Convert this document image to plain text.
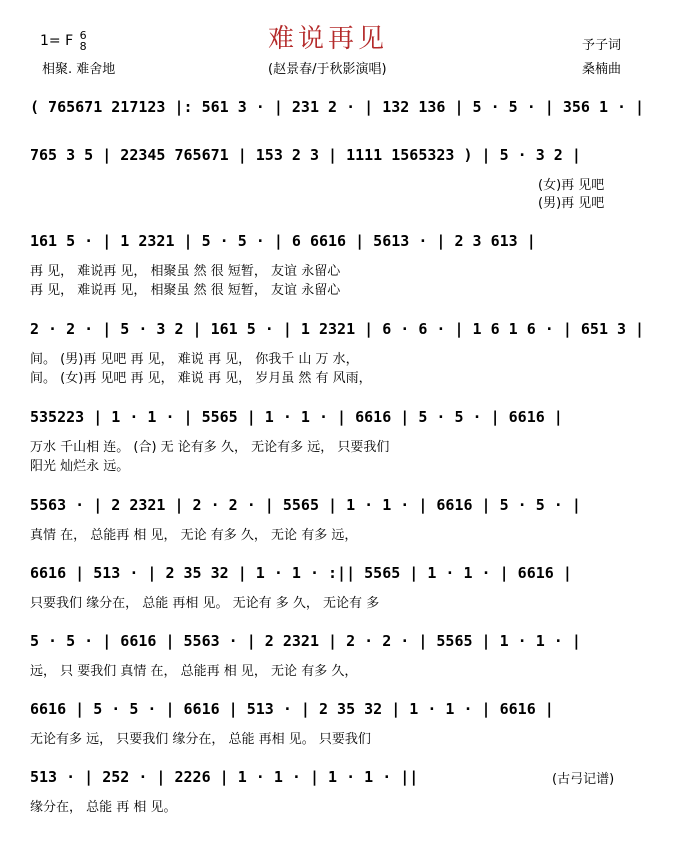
1= F 6
8	难说再见	予子词
相聚. 难舍地	(赵景春/于秋影演唱)	桑楠曲
( 765671 217123 |: 561 3 · | 231 2 · | 132 136 | 5 · 5 · | 356 1 · |
765 3 5 | 22345 765671 | 153 2 3 | 1111 1565323 ) | 5 · 3 2 |
(女)再 见吧
(男)再 见吧
161 5 · | 1 2321 | 5 · 5 · | 6 6616 | 5613 · | 2 3 613 |
再 见， 难说再 见， 相聚虽 然 很 短暂， 友谊 永留心
再 见， 难说再 见， 相聚虽 然 很 短暂， 友谊 永留心
2 · 2 · | 5 · 3 2 | 161 5 · | 1 2321 | 6 · 6 · | 1 6 1 6 · | 651 3 |
间。 (男)再 见吧 再 见， 难说 再 见， 你我千 山 万 水，
间。 (女)再 见吧 再 见， 难说 再 见， 岁月虽 然 有 风雨，
535223 | 1 · 1 · | 5565 | 1 · 1 · | 6616 | 5 · 5 · | 6616 |
万水 千山相 连。 (合) 无 论有多 久， 无论有多 远， 只要我们
阳光 灿烂永 远。
5563 · | 2 2321 | 2 · 2 · | 5565 | 1 · 1 · | 6616 | 5 · 5 · |
真情 在， 总能再 相 见， 无论 有多 久， 无论 有多 远，
6616 | 513 · | 2 35 32 | 1 · 1 · :|| 5565 | 1 · 1 · | 6616 |
只要我们 缘分在， 总能 再相 见。 无论有 多 久， 无论有 多
5 · 5 · | 6616 | 5563 · | 2 2321 | 2 · 2 · | 5565 | 1 · 1 · |
远， 只 要我们 真情 在， 总能再 相 见， 无论 有多 久，
6616 | 5 · 5 · | 6616 | 513 · | 2 35 32 | 1 · 1 · | 6616 |
无论有多 远， 只要我们 缘分在， 总能 再相 见。 只要我们
513 · | 252 · | 2226 | 1 · 1 · | 1 · 1 · ||
缘分在， 总能 再 相 见。
(古弓记谱)
